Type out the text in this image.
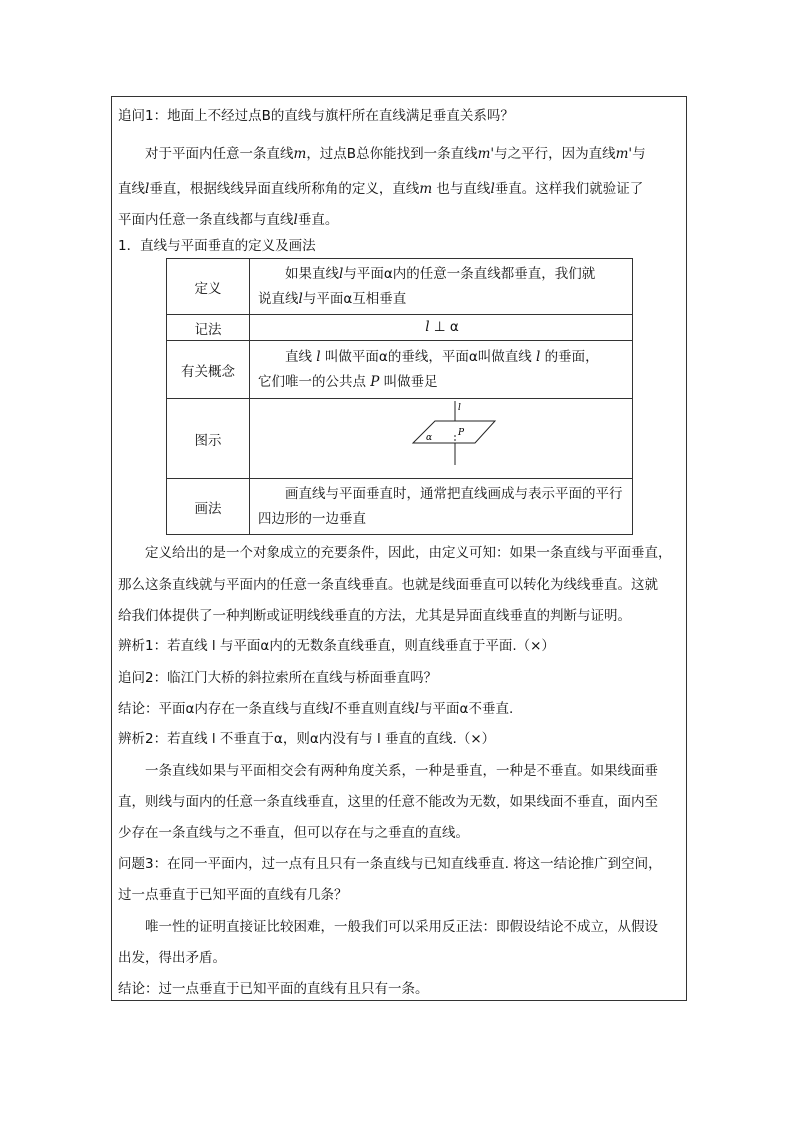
追问1：地面上不经过点B的直线与旗杆所在直线满足垂直关系吗？
对于平面内任意一条直线m，过点B总你能找到一条直线m'与之平行，因为直线m'与
直线l垂直，根据线线异面直线所称角的定义，直线m 也与直线l垂直。这样我们就验证了
平面内任意一条直线都与直线l垂直。
1．直线与平面垂直的定义及画法
定义	如果直线l与平面α内的任意一条直线都垂直，我们就
说直线l与平面α互相垂直

记法	l ⊥ α
有关概念	直线 l 叫做平面α的垂线，平面α叫做直线 l 的垂面，
它们唯一的公共点 P 叫做垂足

图示	l
α P

画法	画直线与平面垂直时，通常把直线画成与表示平面的平行
四边形的一边垂直
定义给出的是一个对象成立的充要条件，因此，由定义可知：如果一条直线与平面垂直，
那么这条直线就与平面内的任意一条直线垂直。也就是线面垂直可以转化为线线垂直。这就
给我们体提供了一种判断或证明线线垂直的方法，尤其是异面直线垂直的判断与证明。
辨析1：若直线 l 与平面α内的无数条直线垂直，则直线垂直于平面.（×）
追问2：临江门大桥的斜拉索所在直线与桥面垂直吗？
结论：平面α内存在一条直线与直线l不垂直则直线l与平面α不垂直.
辨析2：若直线 l 不垂直于α，则α内没有与 l 垂直的直线.（×）
一条直线如果与平面相交会有两种角度关系，一种是垂直，一种是不垂直。如果线面垂
直，则线与面内的任意一条直线垂直，这里的任意不能改为无数，如果线面不垂直，面内至
少存在一条直线与之不垂直，但可以存在与之垂直的直线。
问题3：在同一平面内，过一点有且只有一条直线与已知直线垂直. 将这一结论推广到空间，
过一点垂直于已知平面的直线有几条？
唯一性的证明直接证比较困难，一般我们可以采用反正法：即假设结论不成立，从假设
出发，得出矛盾。
结论：过一点垂直于已知平面的直线有且只有一条。
